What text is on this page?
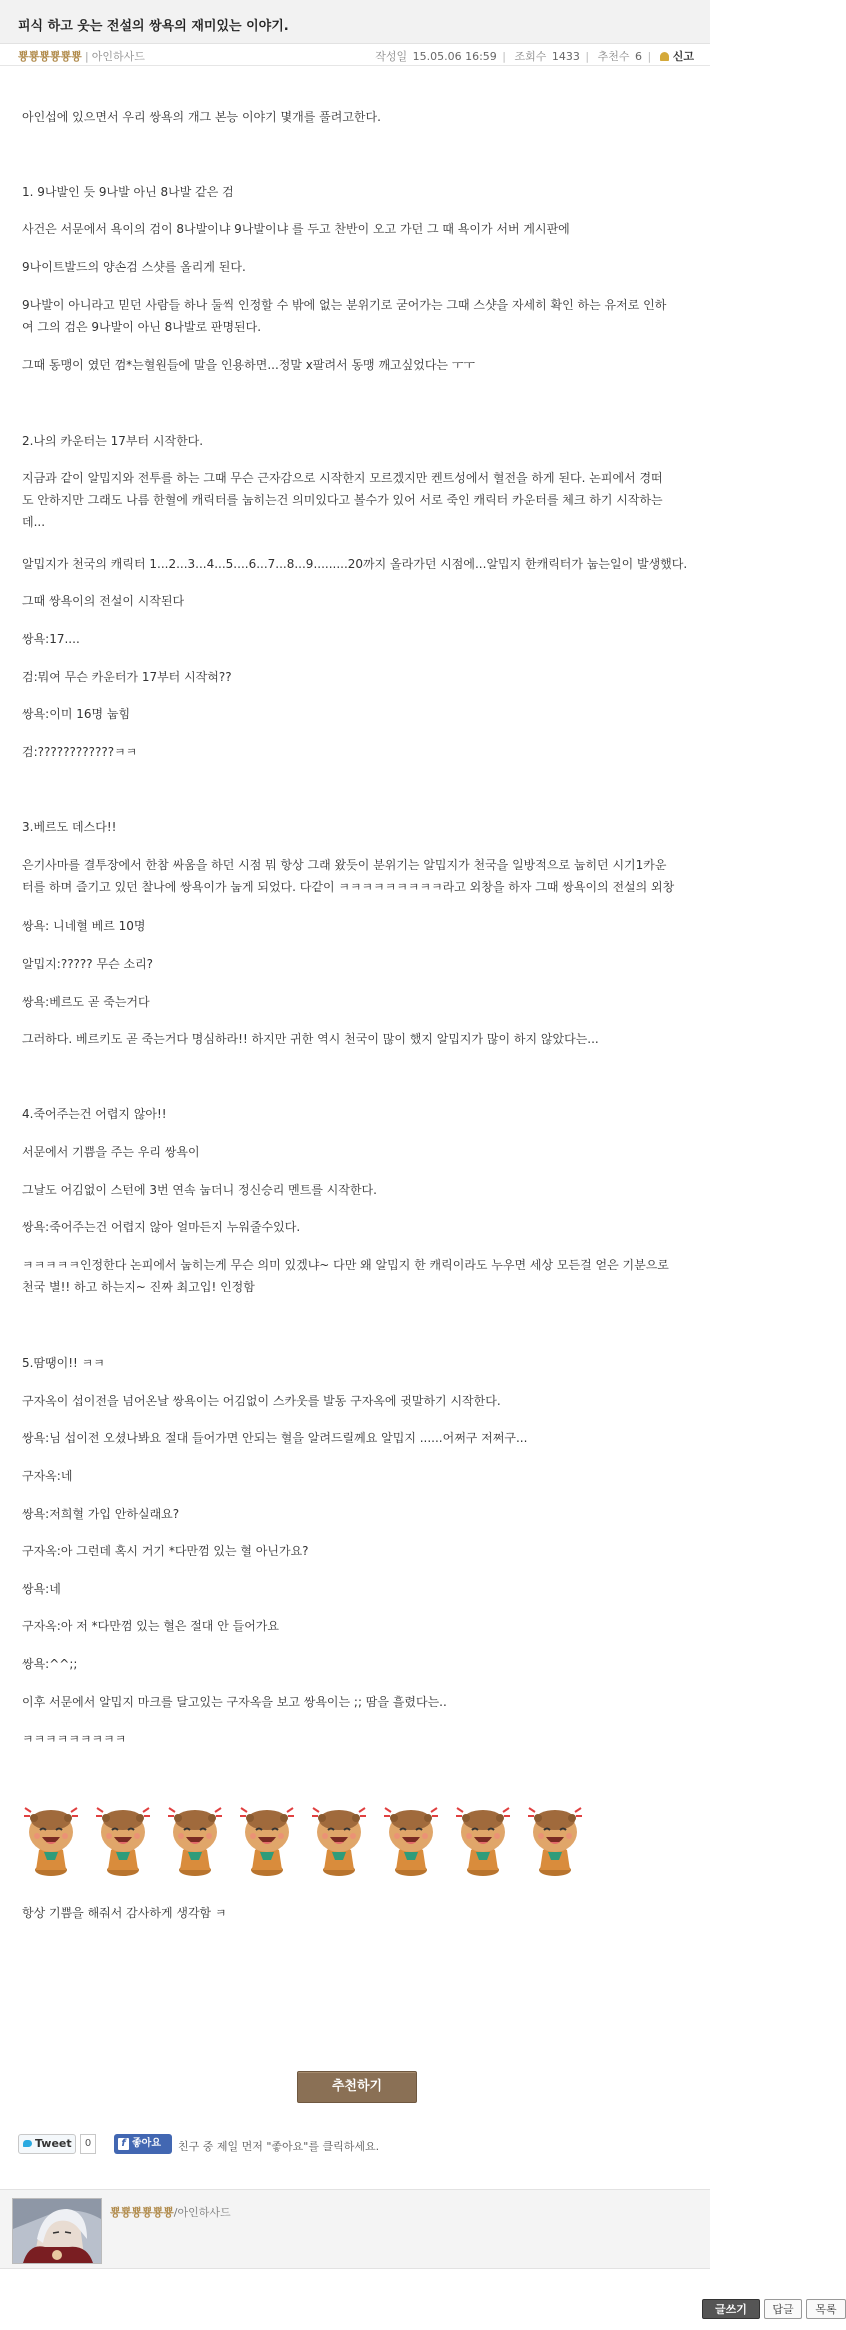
피식 하고 웃는 전설의 쌍욕의 재미있는 이야기.
뿅뿅뿅뿅뿅뿅 | 아인하사드	작성일 15.05.06 16:59 | 조회수 1433 | 추천수 6 | 신고
아인섭에 있으면서 우리 쌍욕의 개그 본능 이야기 몇개를 풀려고한다.
1. 9나발인 듯 9나발 아닌 8나발 같은 검
사건은 서문에서 욕이의 검이 8나발이냐 9나발이냐 를 두고 찬반이 오고 가던 그 때 욕이가 서버 게시판에
9나이트발드의 양손검 스샷를 올리게 된다.
9나발이 아니라고 믿던 사람들 하나 둘씩 인정할 수 밖에 없는 분위기로 굳어가는 그때 스샷을 자세히 확인 하는 유저로 인하
여 그의 검은 9나발이 아닌 8나발로 판명된다.
그때 동맹이 였던 껌*는혈원들에 말을 인용하면...정말 x팔려서 동맹 깨고싶었다는 ㅜㅜ
2.나의 카운터는 17부터 시작한다.
지금과 같이 알밉지와 전투를 하는 그때 무슨 근자감으로 시작한지 모르겠지만 켄트성에서 혈전을 하게 된다. 논피에서 경떠
도 안하지만 그래도 나름 한혈에 캐릭터를 눕히는건 의미있다고 볼수가 있어 서로 죽인 캐릭터 카운터를 체크 하기 시작하는
데...
알밉지가 천국의 캐릭터 1...2...3...4...5....6...7...8...9.........20까지 올라가던 시점에...알밉지 한캐릭터가 눕는일이 발생했다.
그때 쌍욕이의 전설이 시작된다
쌍욕:17....
검:뭐여 무슨 카운터가 17부터 시작혀??
쌍욕:이미 16명 눕힘
검:????????????ㅋㅋ
3.베르도 데스다!!
은기사마를 결투장에서 한참 싸움을 하던 시점 뭐 항상 그래 왔듯이 분위기는 알밉지가 천국을 일방적으로 눕히던 시기1카운
터를 하며 즐기고 있던 찰나에 쌍욕이가 눕게 되었다. 다같이 ㅋㅋㅋㅋㅋㅋㅋㅋㅋ라고 외창을 하자 그때 쌍욕이의 전설의 외창
쌍욕: 니네혈 베르 10명
알밉지:????? 무슨 소리?
쌍욕:베르도 곧 죽는거다
그러하다. 베르키도 곧 죽는거다 명심하라!! 하지만 귀한 역시 천국이 많이 했지 알밉지가 많이 하지 않았다는...
4.죽어주는건 어렵지 않아!!
서문에서 기쁨을 주는 우리 쌍욕이
그날도 어김없이 스턴에 3번 연속 눕더니 정신승리 멘트를 시작한다.
쌍욕:죽어주는건 어렵지 않아 얼마든지 누워줄수있다.
ㅋㅋㅋㅋㅋ인정한다 논피에서 눕히는게 무슨 의미 있겠냐~ 다만 왜 알밉지 한 캐릭이라도 누우면 세상 모든걸 얻은 기분으로
천국 별!! 하고 하는지~ 진짜 최고입! 인정함
5.땀땡이!! ㅋㅋ
구자옥이 섭이전을 넘어온날 쌍욕이는 어김없이 스카웃를 발동 구자옥에 귓말하기 시작한다.
쌍욕:님 섭이전 오셨나봐요 절대 들어가면 안되는 혈을 알려드릴께요 알밉지 ......어쩌구 저쩌구...
구자옥:네
쌍욕:저희혈 가입 안하실래요?
구자옥:아 그런데 혹시 거기 *다만껌 있는 혈 아닌가요?
쌍욕:네
구자옥:아 저 *다만껌 있는 혈은 절대 안 들어가요
쌍욕:^^;;
이후 서문에서 알밉지 마크를 달고있는 구자옥을 보고 쌍욕이는 ;; 땀을 흘렸다는..
ㅋㅋㅋㅋㅋㅋㅋㅋㅋ
항상 기쁨을 해줘서 감사하게 생각함 ㅋ
추천하기
Tweet	0	f 좋아요	친구 중 제일 먼저 "좋아요"를 클릭하세요.
뿅뿅뿅뿅뿅뿅/아인하사드
글쓰기	답글	목록
